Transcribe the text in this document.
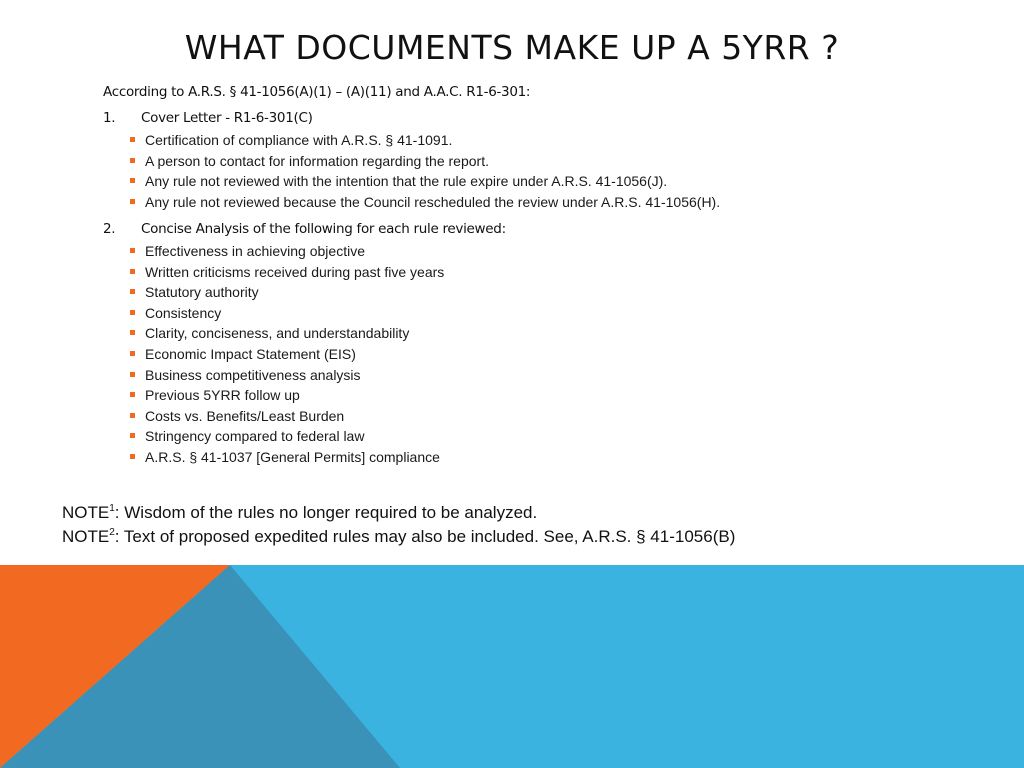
WHAT DOCUMENTS MAKE UP A 5YRR ?
According to A.R.S. § 41-1056(A)(1) – (A)(11) and A.A.C. R1-6-301:
1. Cover Letter - R1-6-301(C)
Certification of compliance with A.R.S. § 41-1091.
A person to contact for information regarding the report.
Any rule not reviewed with the intention that the rule expire under A.R.S. 41-1056(J).
Any rule not reviewed because the Council rescheduled the review under A.R.S. 41-1056(H).
2. Concise Analysis of the following for each rule reviewed:
Effectiveness in achieving objective
Written criticisms received during past five years
Statutory authority
Consistency
Clarity, conciseness, and understandability
Economic Impact Statement (EIS)
Business competitiveness analysis
Previous 5YRR follow up
Costs vs. Benefits/Least Burden
Stringency compared to federal law
A.R.S. § 41-1037 [General Permits] compliance
NOTE$^1$: Wisdom of the rules no longer required to be analyzed.
NOTE$^2$: Text of proposed expedited rules may also be included. See, A.R.S. § 41-1056(B)
